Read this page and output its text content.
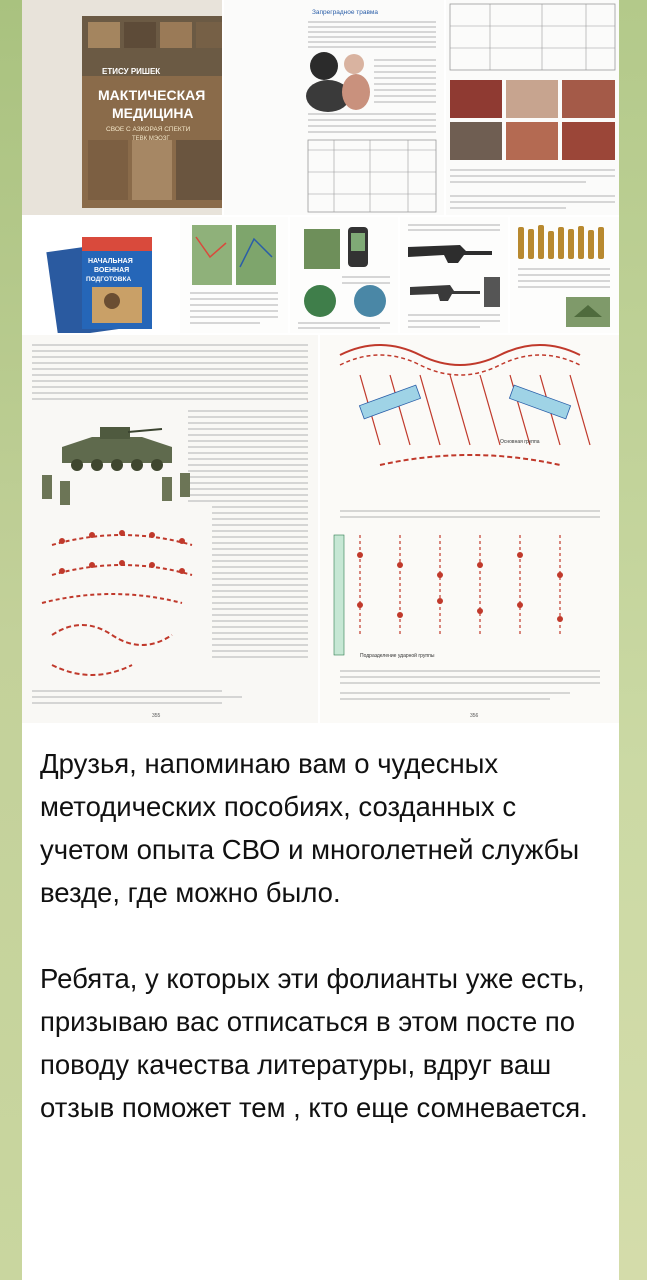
ЕТИСУ РИШЕК
МАКТИЧЕСКАЯ
МЕДИЦИНА
СВОЕ С АЗКОРАЯ СПЕКТИ
ТЕВК МЭОЗГ
Запреградное травма
НАЧАЛЬНАЯ
ВОЕННАЯ
ПОДГОТОВКА
355
Основная группа
Подразделение ударной группы
356

Друзья, напоминаю вам о чудесных методических пособиях, созданных с учетом опыта СВО и многолетней службы везде, где можно было.

Ребята, у которых эти фолианты уже есть, призываю вас отписаться в этом посте по поводу качества литературы, вдруг ваш отзыв поможет тем , кто еще сомневается.
